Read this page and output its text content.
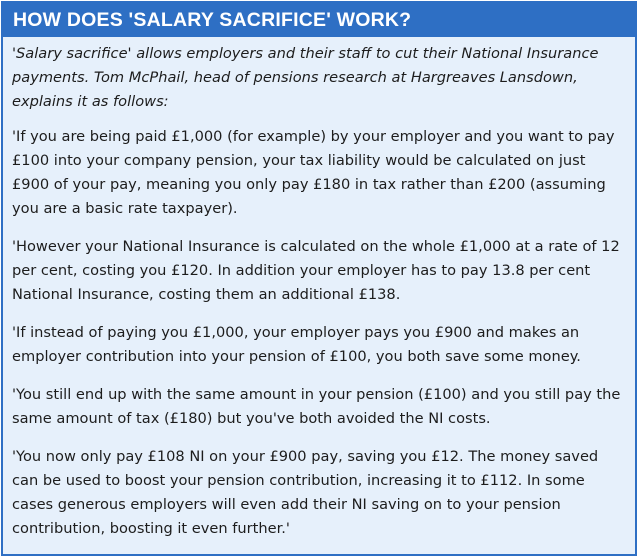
HOW DOES 'SALARY SACRIFICE' WORK?

'Salary sacrifice' allows employers and their staff to cut their National Insurance payments. Tom McPhail, head of pensions research at Hargreaves Lansdown, explains it as follows:

'If you are being paid £1,000 (for example) by your employer and you want to pay £100 into your company pension, your tax liability would be calculated on just £900 of your pay, meaning you only pay £180 in tax rather than £200 (assuming you are a basic rate taxpayer).

'However your National Insurance is calculated on the whole £1,000 at a rate of 12 per cent, costing you £120. In addition your employer has to pay 13.8 per cent National Insurance, costing them an additional £138.

'If instead of paying you £1,000, your employer pays you £900 and makes an employer contribution into your pension of £100, you both save some money.

'You still end up with the same amount in your pension (£100) and you still pay the same amount of tax (£180) but you've both avoided the NI costs.

'You now only pay £108 NI on your £900 pay, saving you £12. The money saved can be used to boost your pension contribution, increasing it to £112. In some cases generous employers will even add their NI saving on to your pension contribution, boosting it even further.'
